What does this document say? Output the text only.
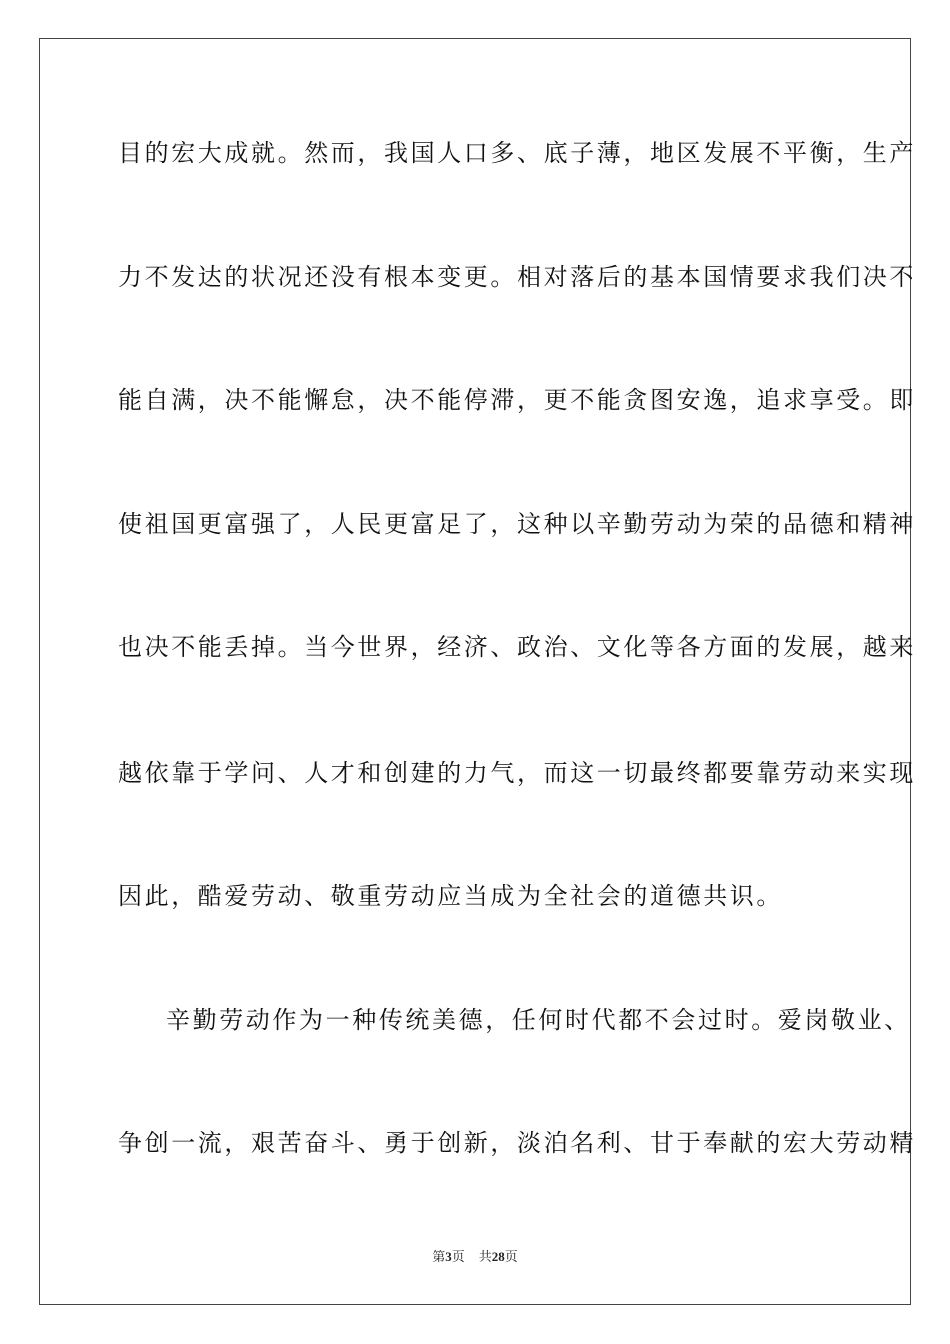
目的宏大成就。然而，我国人口多、底子薄，地区发展不平衡，生产
力不发达的状况还没有根本变更。相对落后的基本国情要求我们决不
能自满，决不能懈怠，决不能停滞，更不能贪图安逸，追求享受。即
使祖国更富强了，人民更富足了，这种以辛勤劳动为荣的品德和精神
也决不能丢掉。当今世界，经济、政治、文化等各方面的发展，越来
越依靠于学问、人才和创建的力气，而这一切最终都要靠劳动来实现
因此，酷爱劳动、敬重劳动应当成为全社会的道德共识。
辛勤劳动作为一种传统美德，任何时代都不会过时。爱岗敬业、
争创一流，艰苦奋斗、勇于创新，淡泊名利、甘于奉献的宏大劳动精
第3页 共28页
